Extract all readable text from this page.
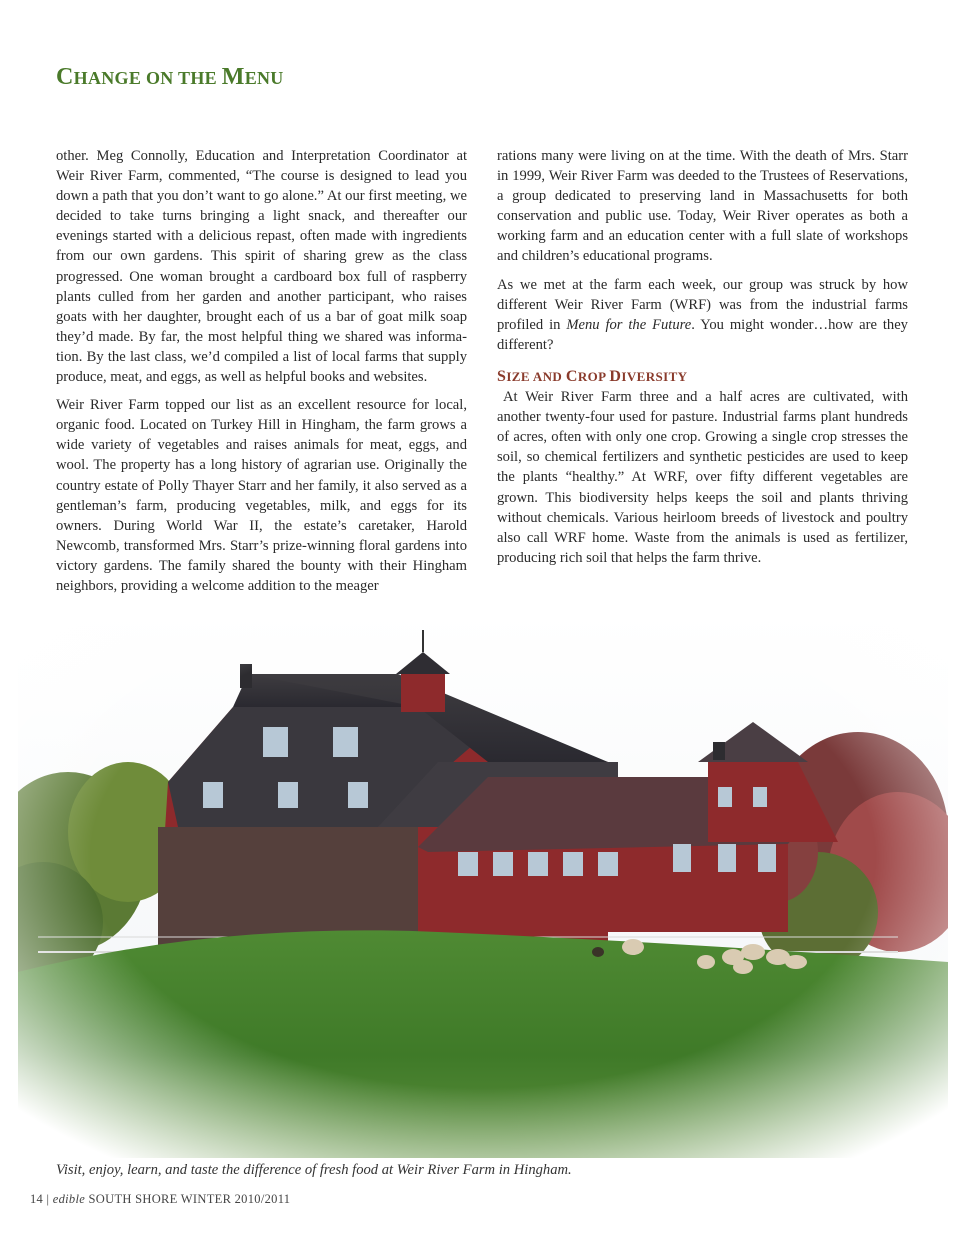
CHANGE ON THE MENU

other. Meg Connolly, Education and Interpretation Coordinator at Weir River Farm, commented, “The course is designed to lead you down a path that you don’t want to go alone.” At our first meeting, we decided to take turns bringing a light snack, and thereafter our evenings started with a delicious repast, often made with ingredients from our own gardens. This spirit of sharing grew as the class progressed. One woman brought a cardboard box full of raspberry plants culled from her garden and another participant, who raises goats with her daughter, brought each of us a bar of goat milk soap they’d made. By far, the most helpful thing we shared was information. By the last class, we’d compiled a list of local farms that supply produce, meat, and eggs, as well as helpful books and websites.

Weir River Farm topped our list as an excellent resource for local, organic food. Located on Turkey Hill in Hingham, the farm grows a wide variety of vegetables and raises animals for meat, eggs, and wool. The property has a long history of agrarian use. Originally the country estate of Polly Thayer Starr and her family, it also served as a gentleman’s farm, producing vegetables, milk, and eggs for its owners. During World War II, the estate’s caretaker, Harold Newcomb, transformed Mrs. Starr’s prize-winning floral gardens into victory gardens. The family shared the bounty with their Hingham neighbors, providing a welcome addition to the meager

rations many were living on at the time. With the death of Mrs. Starr in 1999, Weir River Farm was deeded to the Trustees of Reservations, a group dedicated to preserving land in Massachusetts for both conservation and public use. Today, Weir River operates as both a working farm and an education center with a full slate of workshops and children’s educational programs.

As we met at the farm each week, our group was struck by how different Weir River Farm (WRF) was from the industrial farms profiled in Menu for the Future. You might wonder…how are they different?

SIZE AND CROP DIVERSITY

At Weir River Farm three and a half acres are cultivated, with another twenty-four used for pasture. Industrial farms plant hundreds of acres, often with only one crop. Growing a single crop stresses the soil, so chemical fertilizers and synthetic pesticides are used to keep the plants “healthy.” At WRF, over fifty different vegetables are grown. This biodiversity helps keeps the soil and plants thriving without chemicals. Various heirloom breeds of livestock and poultry also call WRF home. Waste from the animals is used as fertilizer, producing rich soil that helps the farm thrive.

Visit, enjoy, learn, and taste the difference of fresh food at Weir River Farm in Hingham.

14 | edible SOUTH SHORE WINTER 2010/2011
